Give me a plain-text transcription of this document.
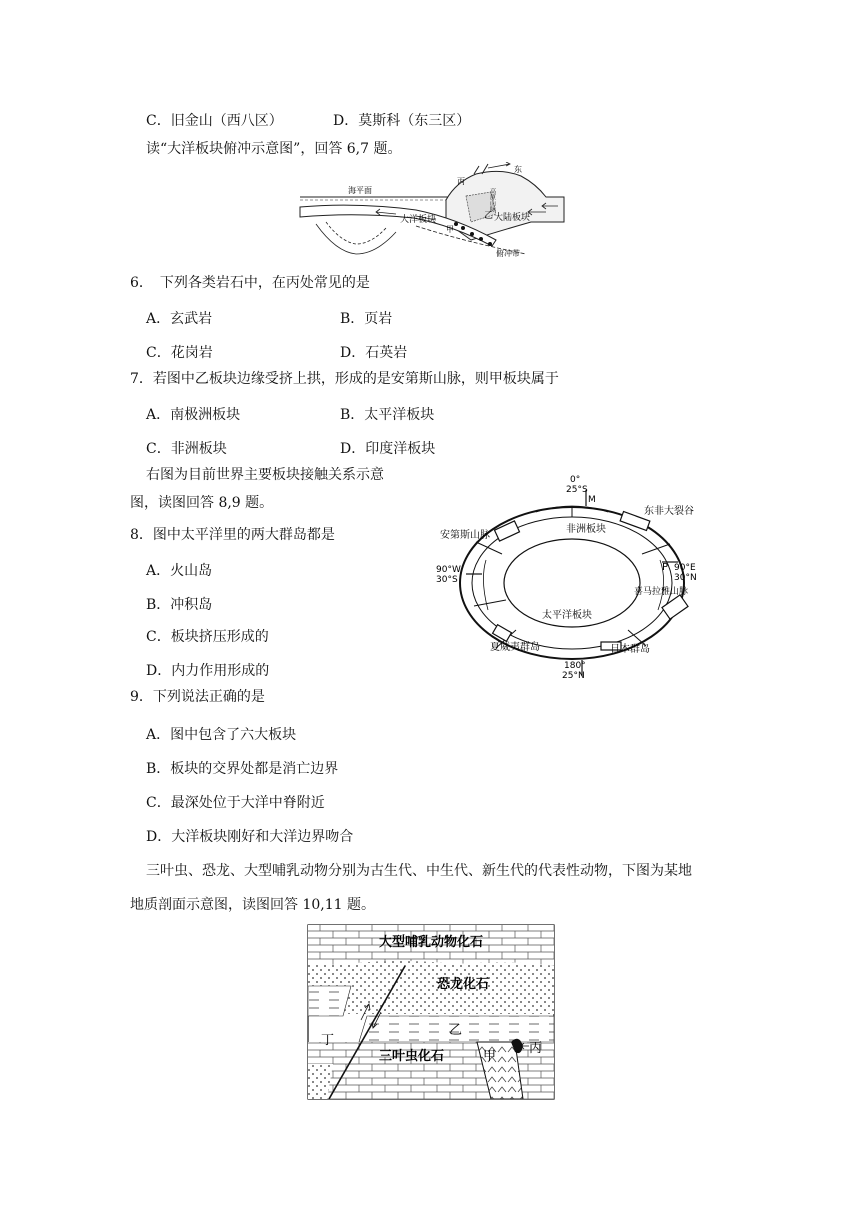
C．旧金山（西八区）	D．莫斯科（东三区）
读“大洋板块俯冲示意图”，回答 6,7 题。
海平面
东
丙
乙
甲
大洋板块	大陆板块
俯冲带
高原山脉
6．　下列各类岩石中，在丙处常见的是
A．玄武岩	B．页岩
C．花岗岩	D．石英岩
7．若图中乙板块边缘受挤上拱，形成的是安第斯山脉，则甲板块属于
A．南极洲板块	B．太平洋板块
C．非洲板块	D．印度洋板块
右图为目前世界主要板块接触关系示意
图，读图回答 8,9 题。
0°
25°S
M
东非大裂谷
安第斯山脉
非洲板块
90°W
30°S
P 90°E
30°N
喜马拉雅山脉
太平洋板块
夏威夷群岛	日本群岛
180°
25°N
8．图中太平洋里的两大群岛都是
A．火山岛
B．冲积岛
C．板块挤压形成的
D．内力作用形成的
9．下列说法正确的是
A．图中包含了六大板块
B．板块的交界处都是消亡边界
C．最深处位于大洋中脊附近
D．大洋板块刚好和大洋边界吻合
三叶虫、恐龙、大型哺乳动物分别为古生代、中生代、新生代的代表性动物，下图为某地
地质剖面示意图，读图回答 10,11 题。
大型哺乳动物化石
恐龙化石
乙
丁
三叶虫化石	甲
丙
